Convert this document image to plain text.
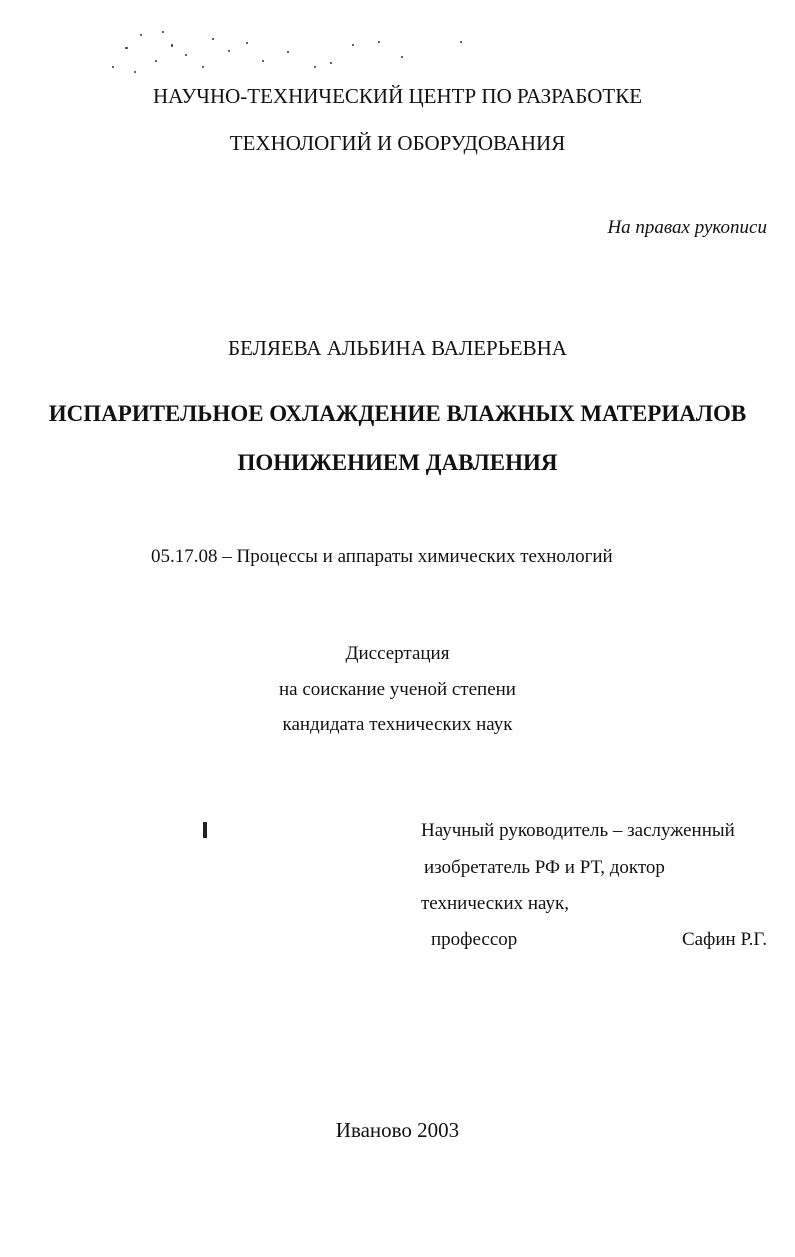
НАУЧНО-ТЕХНИЧЕСКИЙ ЦЕНТР ПО РАЗРАБОТКЕ
ТЕХНОЛОГИЙ И ОБОРУДОВАНИЯ
На правах рукописи
БЕЛЯЕВА АЛЬБИНА ВАЛЕРЬЕВНА
ИСПАРИТЕЛЬНОЕ ОХЛАЖДЕНИЕ ВЛАЖНЫХ МАТЕРИАЛОВ
ПОНИЖЕНИЕМ ДАВЛЕНИЯ
05.17.08 – Процессы и аппараты химических технологий
Диссертация
на соискание ученой степени
кандидата технических наук
Научный руководитель – заслуженный
изобретатель РФ и РТ, доктор
технических наук,
профессор	Сафин Р.Г.
Иваново 2003
